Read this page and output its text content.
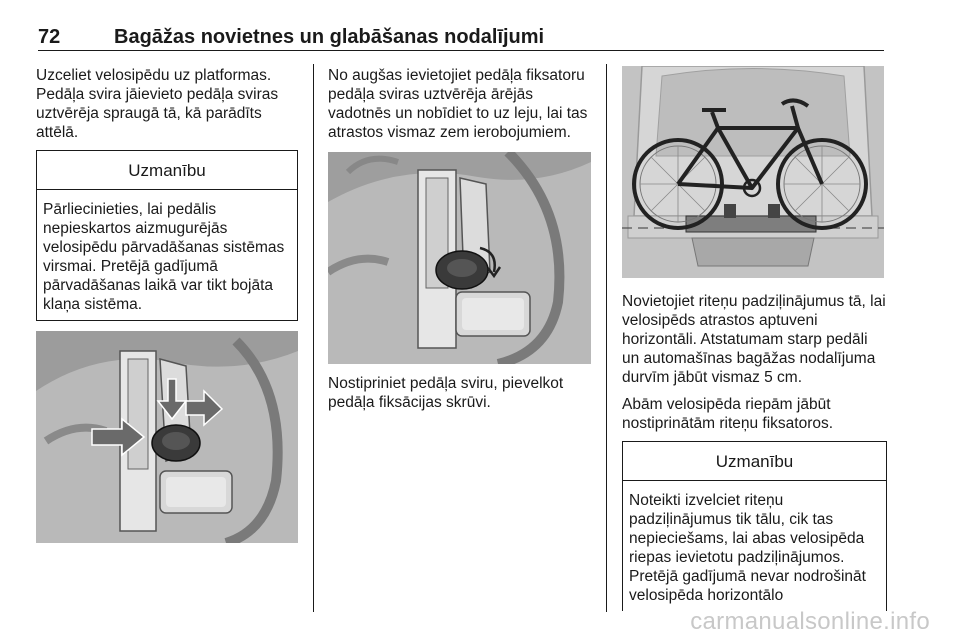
72	Bagāžas novietnes un glabāšanas nodalījumi

Uzceliet velosipēdu uz platformas. Pedāļa svira jāievieto pedāļa sviras uztvērēja spraugā tā, kā parādīts attēlā.

Uzmanību
Pārliecinieties, lai pedālis nepieskartos aizmugurējās velosipēdu pārvadāšanas sistēmas virsmai. Pretējā gadījumā pārvadāšanas laikā var tikt bojāta klaņa sistēma.

No augšas ievietojiet pedāļa fiksatoru pedāļa sviras uztvērēja ārējās vadotnēs un nobīdiet to uz leju, lai tas atrastos vismaz zem ierobojumiem.

Nostipriniet pedāļa sviru, pievelkot pedāļa fiksācijas skrūvi.

Novietojiet riteņu padziļinājumus tā, lai velosipēds atrastos aptuveni horizontāli. Atstatumam starp pedāli un automašīnas bagāžas nodalījuma durvīm jābūt vismaz 5 cm.

Abām velosipēda riepām jābūt nostiprinātām riteņu fiksatoros.

Uzmanību
Noteikti izvelciet riteņu padziļinājumus tik tālu, cik tas nepieciešams, lai abas velosipēda riepas ievietotu padziļinājumos. Pretējā gadījumā nevar nodrošināt velosipēda horizontālo
carmanualsonline.info
